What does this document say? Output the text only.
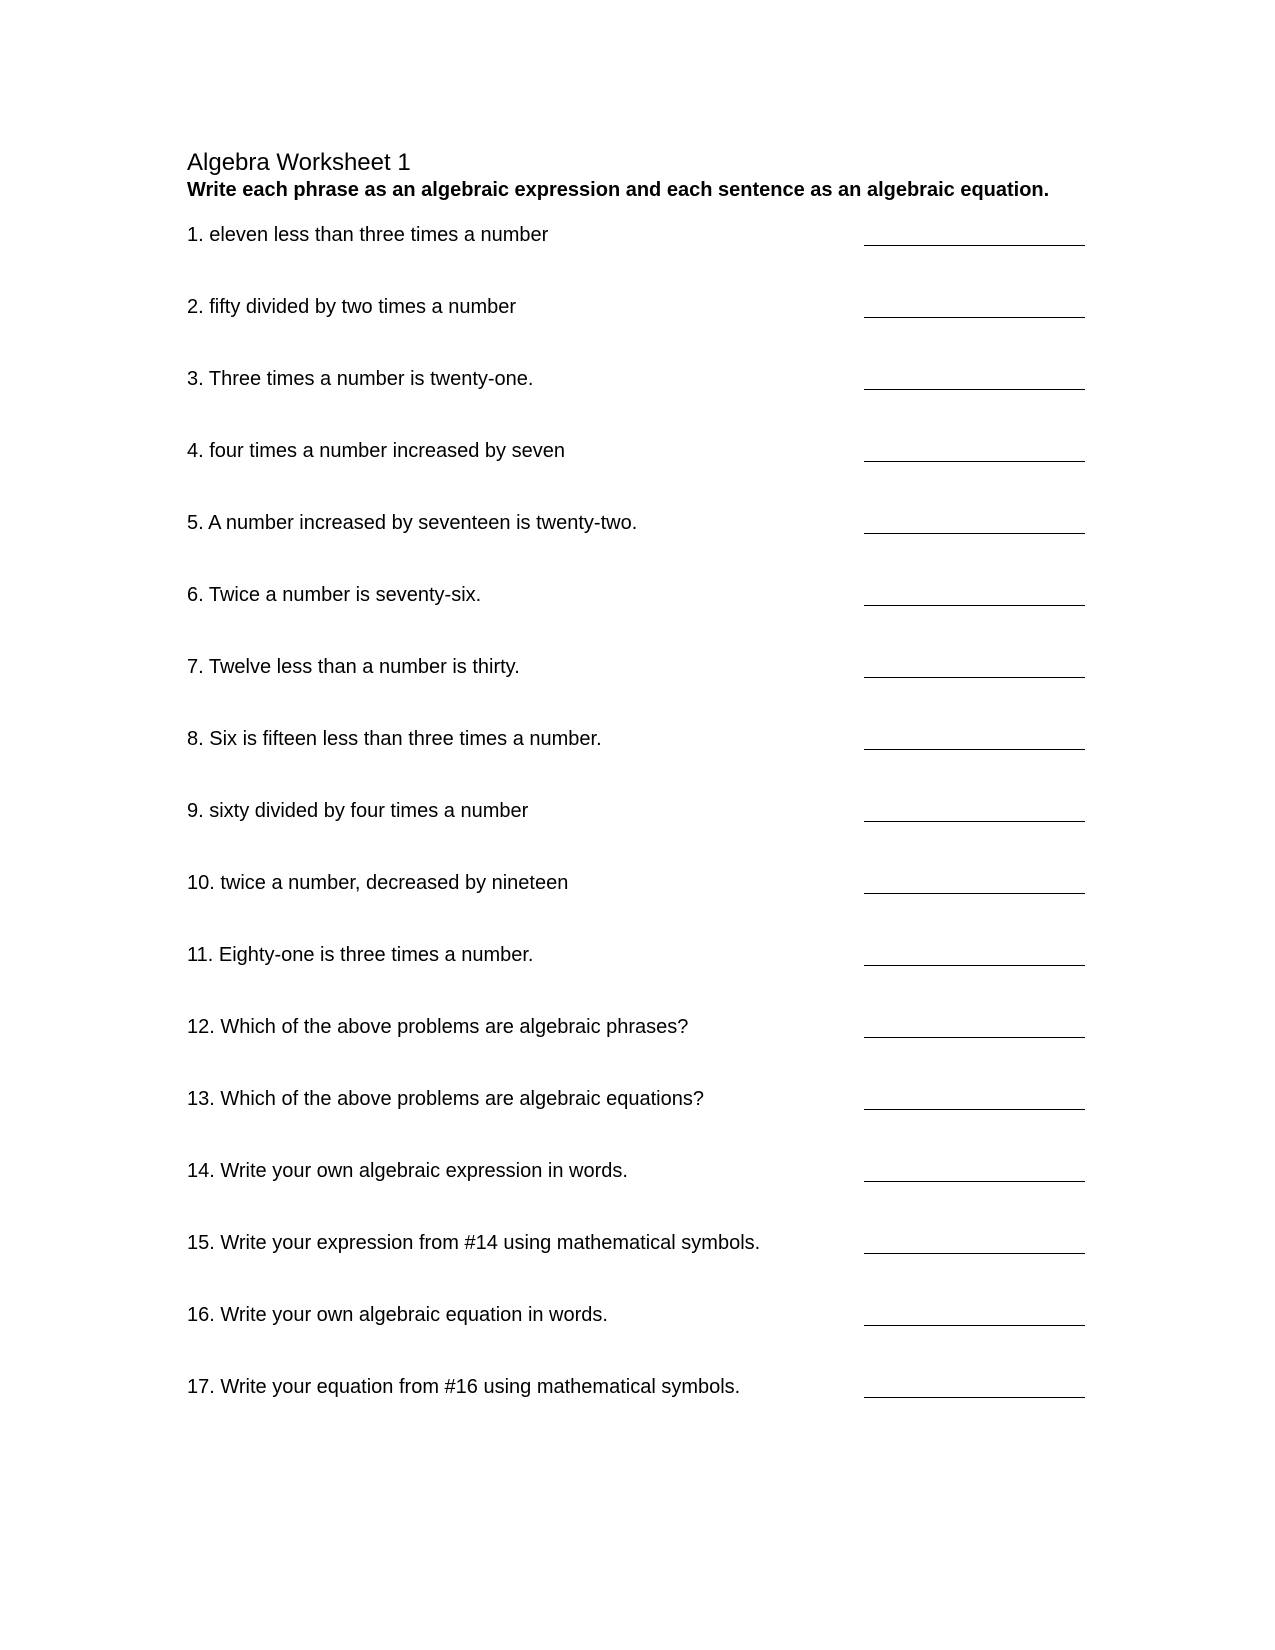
Algebra Worksheet 1

Write each phrase as an algebraic expression and each sentence as an algebraic equation.

1. eleven less than three times a number
2. fifty divided by two times a number
3. Three times a number is twenty-one.
4. four times a number increased by seven
5. A number increased by seventeen is twenty-two.
6. Twice a number is seventy-six.
7. Twelve less than a number is thirty.
8. Six is fifteen less than three times a number.
9. sixty divided by four times a number
10. twice a number, decreased by nineteen
11. Eighty-one is three times a number.
12. Which of the above problems are algebraic phrases?
13. Which of the above problems are algebraic equations?
14. Write your own algebraic expression in words.
15. Write your expression from #14 using mathematical symbols.
16. Write your own algebraic equation in words.
17. Write your equation from #16 using mathematical symbols.
